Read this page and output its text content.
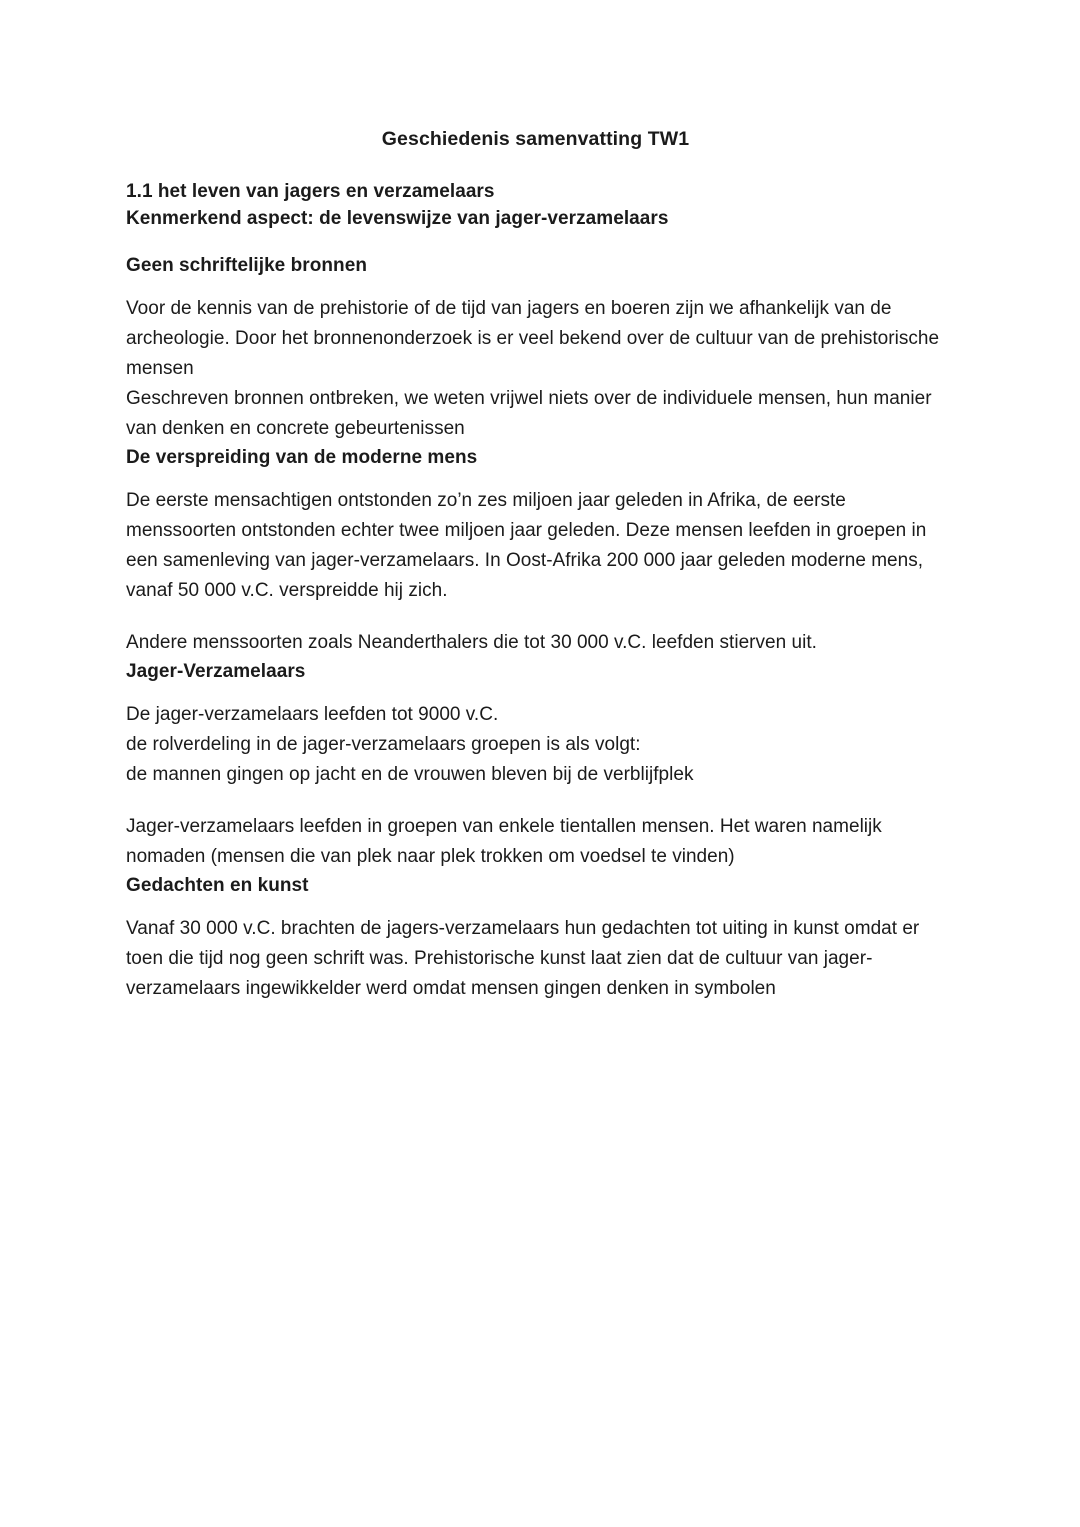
Geschiedenis samenvatting TW1
1.1 het leven van jagers en verzamelaars
Kenmerkend aspect: de levenswijze van jager-verzamelaars
Geen schriftelijke bronnen

Voor de kennis van de prehistorie of de tijd van jagers en boeren zijn we afhankelijk van de
archeologie. Door het bronnenonderzoek is er veel bekend over de cultuur van de prehistorische
mensen
Geschreven bronnen ontbreken, we weten vrijwel niets over de individuele mensen, hun manier
van denken en concrete gebeurtenissen

De verspreiding van de moderne mens

De eerste mensachtigen ontstonden zo’n zes miljoen jaar geleden in Afrika, de eerste
menssoorten ontstonden echter twee miljoen jaar geleden. Deze mensen leefden in groepen in
een samenleving van jager-verzamelaars. In Oost-Afrika 200 000 jaar geleden moderne mens,
vanaf 50 000 v.C. verspreidde hij zich.

Andere menssoorten zoals Neanderthalers die tot 30 000 v.C. leefden stierven uit.

Jager-Verzamelaars

De jager-verzamelaars leefden tot 9000 v.C.
de rolverdeling in de jager-verzamelaars groepen is als volgt:
de mannen gingen op jacht en de vrouwen bleven bij de verblijfplek

Jager-verzamelaars leefden in groepen van enkele tientallen mensen. Het waren namelijk
nomaden (mensen die van plek naar plek trokken om voedsel te vinden)

Gedachten en kunst

Vanaf 30 000 v.C. brachten de jagers-verzamelaars hun gedachten tot uiting in kunst omdat er
toen die tijd nog geen schrift was. Prehistorische kunst laat zien dat de cultuur van jager-
verzamelaars ingewikkelder werd omdat mensen gingen denken in symbolen
